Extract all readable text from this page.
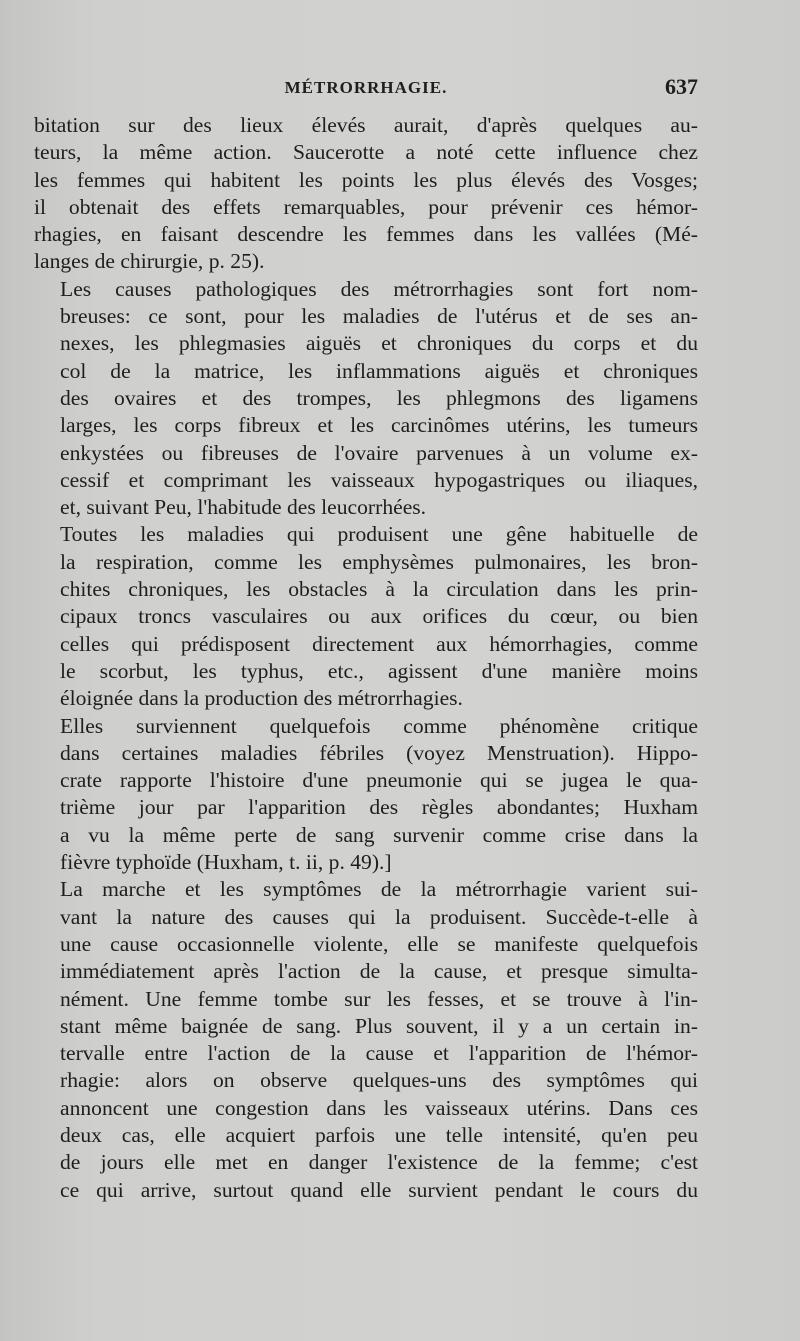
MÉTRORRHAGIE.	637

bitation sur des lieux élevés aurait, d'après quelques au-
teurs, la même action. Saucerotte a noté cette influence chez
les femmes qui habitent les points les plus élevés des Vosges;
il obtenait des effets remarquables, pour prévenir ces hémor-
rhagies, en faisant descendre les femmes dans les vallées (Mé-
langes de chirurgie, p. 25).

Les causes pathologiques des métrorrhagies sont fort nom-
breuses: ce sont, pour les maladies de l'utérus et de ses an-
nexes, les phlegmasies aiguës et chroniques du corps et du
col de la matrice, les inflammations aiguës et chroniques
des ovaires et des trompes, les phlegmons des ligamens
larges, les corps fibreux et les carcinômes utérins, les tumeurs
enkystées ou fibreuses de l'ovaire parvenues à un volume ex-
cessif et comprimant les vaisseaux hypogastriques ou iliaques,
et, suivant Peu, l'habitude des leucorrhées.

Toutes les maladies qui produisent une gêne habituelle de
la respiration, comme les emphysèmes pulmonaires, les bron-
chites chroniques, les obstacles à la circulation dans les prin-
cipaux troncs vasculaires ou aux orifices du cœur, ou bien
celles qui prédisposent directement aux hémorrhagies, comme
le scorbut, les typhus, etc., agissent d'une manière moins
éloignée dans la production des métrorrhagies.

Elles surviennent quelquefois comme phénomène critique
dans certaines maladies fébriles (voyez Menstruation). Hippo-
crate rapporte l'histoire d'une pneumonie qui se jugea le qua-
trième jour par l'apparition des règles abondantes; Huxham
a vu la même perte de sang survenir comme crise dans la
fièvre typhoïde (Huxham, t. ii, p. 49).]

La marche et les symptômes de la métrorrhagie varient sui-
vant la nature des causes qui la produisent. Succède-t-elle à
une cause occasionnelle violente, elle se manifeste quelquefois
immédiatement après l'action de la cause, et presque simulta-
nément. Une femme tombe sur les fesses, et se trouve à l'in-
stant même baignée de sang. Plus souvent, il y a un certain in-
tervalle entre l'action de la cause et l'apparition de l'hémor-
rhagie: alors on observe quelques-uns des symptômes qui
annoncent une congestion dans les vaisseaux utérins. Dans ces
deux cas, elle acquiert parfois une telle intensité, qu'en peu
de jours elle met en danger l'existence de la femme; c'est
ce qui arrive, surtout quand elle survient pendant le cours du
